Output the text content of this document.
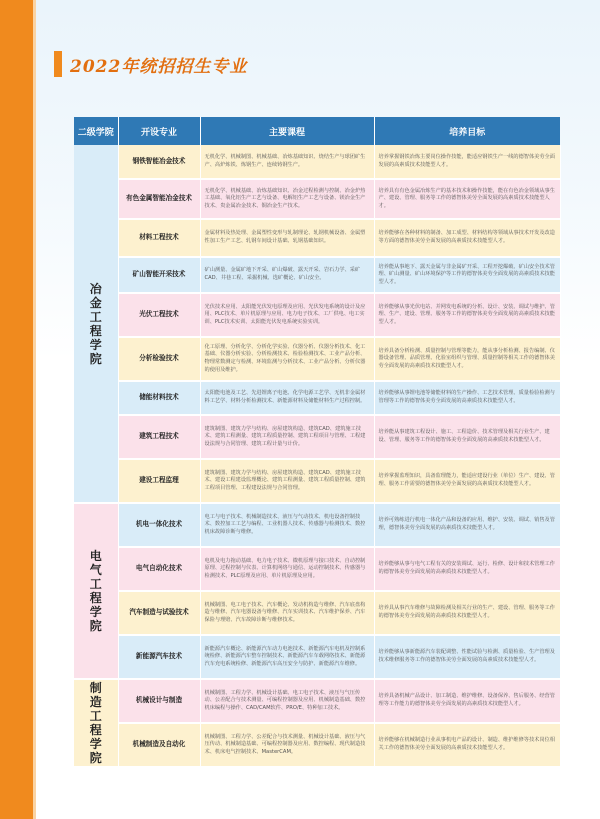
2022年统招招生专业
二级学院	开设专业	主要课程	培养目标

冶金工程学院	钢铁智能冶金技术	无机化学、机械制图、机械基础、冶炼基础知识、烧结生产与球团矿生产、高炉炼铁、炼钢生产、连续铸钢生产。	培养掌握钢铁冶炼主要岗位操作技能，能适应钢铁生产一线的德智体美劳全面发展的高素质技术技能型人才。
	有色金属智能冶金技术	无机化学、机械基础、冶炼基础知识、冶金过程检测与控制、冶金炉热工基础、氧化铝生产工艺与设备、电解铝生产工艺与设备、镁冶金生产技术、贵金属冶金技术、铜冶金生产技术。	培养具有有色金属冶炼生产的基本技术和操作技能，能在有色冶金领域从事生产、建设、管理、服务等工作的德智体美劳全面发展的高素质技术技能型人才。
	材料工程技术	金属材料及热处理、金属塑性变形与轧制理论、轧钢机械设备、金属塑性加工生产工艺、轧钢车间设计基础、轧钢基础知识。	培养能够在各种材料的制备、加工成型、材料结构等领域从事技术开发及改造等方面的德智体美劳全面发展的高素质技术技能型人才。
	矿山智能开采技术	矿山测量、金属矿地下开采、矿山爆破、露天开采、岩石力学、采矿CAD、井巷工程、采掘机械、选矿概论、矿山安全。	培养能从事地下、露天金属与非金属矿开采、工程开挖爆破、矿山安全技术管理、矿山测量、矿山环境保护等工作的德智体美劳全面发展的高素质技术技能型人才。
	光伏工程技术	光伏技术应用、太阳能光伏发电原理及应用、光伏发电系统的设计及应用、PLC技术、单片机原理与应用、电力电子技术、工厂供电、电工实训、PLC技术实训、太阳能光伏发电系统实验实训。	培养能够从事光伏电站、并网发电系统的分析、设计、安装、调试与维护、管理、生产、建设、管理、服务等工作的德智体美劳全面发展的高素质技术技能型人才。
	分析检验技术	化工原理、分析化学、分析化学实验、仪器分析、仪器分析技术、化工基础、仪器分析实验、分析检测技术、检验检测技术、工业产品分析、物理常数测定与检测、环境监测与分析技术、工业产品分析、分析仪器的使用及维护。	培养具备分析检测、质量控制与管理等能力，能从事分析检测、报告编制、仪器设备管理、品质管理、化验室组织与管理、质量控制等相关工作的德智体美劳全面发展的高素质技术技能型人才。
	储能材料技术	太阳能电池及工艺、先进锂离子电池、化学电源工艺学、无机非金属材料工艺学、材料分析检测技术、新能源材料及储能材料生产过程控制。	培养能够从事锂电池等储能材料的生产操作、工艺技术管理、质量检验检测与管理等工作的德智体美劳全面发展的高素质技术技能型人才。
	建筑工程技术	建筑制图、建筑力学与结构、房屋建筑构造、建筑CAD、建筑施工技术、建筑工程测量、建筑工程质量控制、建筑工程项目与管理、工程建设法规与合同管理、建筑工程计量与计价。	培养能从事建筑工程设计、施工、工程造价、技术管理及相关行业生产、建设、管理、服务等工作的德智体美劳全面发展的高素质技术技能型人才。
	建设工程监理	建筑制图、建筑力学与结构、房屋建筑构造、建筑CAD、建筑施工技术、建设工程建设监理概论、建筑工程测量、建筑工程质量控制、建筑工程项目管理、工程建设法规与合同管理。	培养掌握监理知识，具备监理能力，能适应建设行业（单位）生产、建设、管理、服务工作需要的德智体美劳全面发展的高素质技术技能型人才。

电气工程学院	机电一体化技术	电工与电子技术、机械制造技术、液压与气动技术、机电设备控制技术、数控加工工艺与编程、工业机器人技术、传感器与检测技术、数控机床故障诊断与维修。	培养可熟练进行机电一体化产品和设备的应用、维护、安装、调试、销售及管理，德智体美劳全面发展的高素质技术技能型人才。
	电气自动化技术	电机及电力拖动基础、电力电子技术、微机原理与接口技术、自动控制原理、过程控制与仪表、计算机网络与通信、运动控制技术、传感器与检测技术、PLC原理及应用、单片机原理及应用。	培养能够从事与电气工程有关的安装调试、运行、检修、设计和技术管理工作的德智体美劳全面发展的高素质技术技能型人才。
	汽车制造与试验技术	机械制图、电工电子技术、汽车概论、发动机构造与维修、汽车底盘构造与维修、汽车电器设备与维修、汽车实训技术、汽车维护保养、汽车保险与理赔、汽车故障诊断与维修技术。	培养具从事汽车维修与故障检测及相关行业的生产、建设、管理、服务等工作的德智体美劳全面发展的高素质技术技能型人才。
	新能源汽车技术	新能源汽车概论、新能源汽车动力电池技术、新能源汽车电机及控制系统检修、新能源汽车整车控制技术、新能源汽车车载网络技术、新能源汽车充电系统检修、新能源汽车高压安全与防护、新能源汽车维修。	培养能够从事新能源汽车装配调整、性能试验与检测、质量检验、生产管理及技术维修服务等工作的德智体美劳全面发展的高素质技术技能型人才。

制造工程学院	机械设计与制造	机械制图、工程力学、机械设计基础、电工电子技术、液压与气压传动、公差配合与技术测量、可编程控制器及应用、机械制造基础、数控机床编程与操作、CAD/CAM软件、PRO/E、特种加工技术。	培养具备机械产品设计、加工制造、维护维修、设备保养、售后服务、经营管理等工作能力的德智体美劳全面发展的高素质技术技能型人才。
	机械制造及自动化	机械制图、工程力学、公差配合与技术测量、机械设计基础、液压与气压传动、机械制造基础、可编程控制器及应用、数控编程、现代制造技术、机床电气控制技术、MasterCAM。	培养能够在机械制造行业从事机电产品的设计、制造、维护维修等技术岗位相关工作的德智体美劳全面发展的高素质技术技能型人才。
